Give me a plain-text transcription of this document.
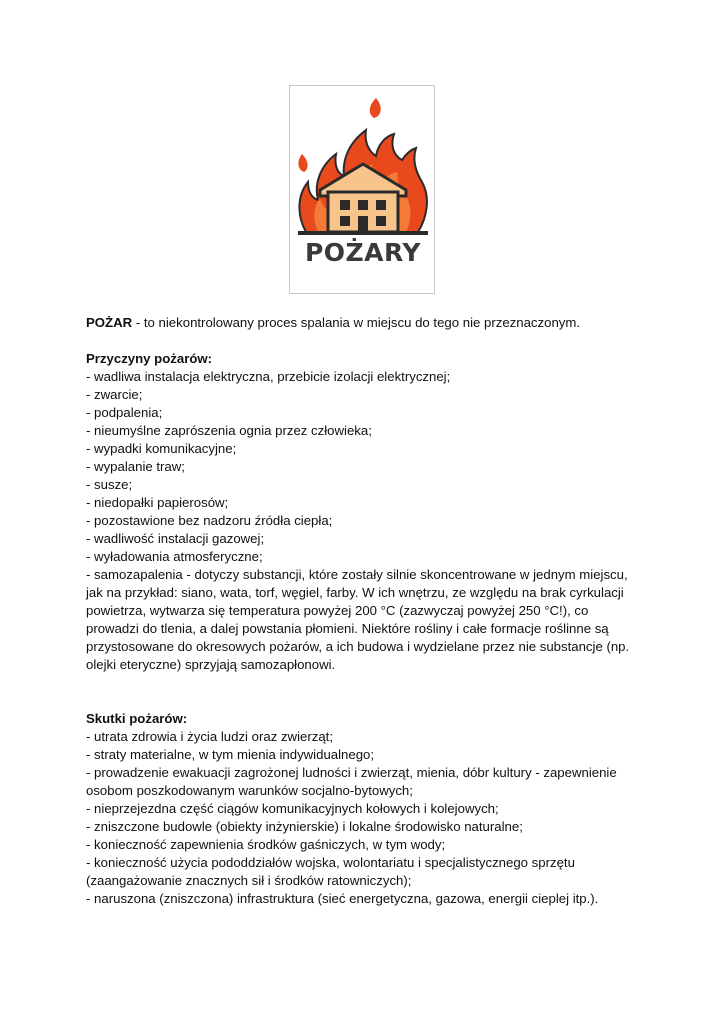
POŻARY
POŻAR - to niekontrolowany proces spalania w miejscu do tego nie przeznaczonym.
Przyczyny pożarów:
- wadliwa instalacja elektryczna, przebicie izolacji elektrycznej;
- zwarcie;
- podpalenia;
- nieumyślne zaprószenia ognia przez człowieka;
- wypadki komunikacyjne;
- wypalanie traw;
- susze;
- niedopałki papierosów;
- pozostawione bez nadzoru źródła ciepła;
- wadliwość instalacji gazowej;
- wyładowania atmosferyczne;
- samozapalenia - dotyczy substancji, które zostały silnie skoncentrowane w jednym miejscu,
jak na przykład: siano, wata, torf, węgiel, farby. W ich wnętrzu, ze względu na brak cyrkulacji
powietrza, wytwarza się temperatura powyżej 200 °C (zazwyczaj powyżej 250 °C!), co
prowadzi do tlenia, a dalej powstania płomieni. Niektóre rośliny i całe formacje roślinne są
przystosowane do okresowych pożarów, a ich budowa i wydzielane przez nie substancje (np.
olejki eteryczne) sprzyjają samozapłonowi.
Skutki pożarów:
- utrata zdrowia i życia ludzi oraz zwierząt;
- straty materialne, w tym mienia indywidualnego;
- prowadzenie ewakuacji zagrożonej ludności i zwierząt, mienia, dóbr kultury - zapewnienie
osobom poszkodowanym warunków socjalno-bytowych;
- nieprzejezdna część ciągów komunikacyjnych kołowych i kolejowych;
- zniszczone budowle (obiekty inżynierskie) i lokalne środowisko naturalne;
- konieczność zapewnienia środków gaśniczych, w tym wody;
- konieczność użycia pododdziałów wojska, wolontariatu i specjalistycznego sprzętu
(zaangażowanie znacznych sił i środków ratowniczych);
- naruszona (zniszczona) infrastruktura (sieć energetyczna, gazowa, energii cieplej itp.).
